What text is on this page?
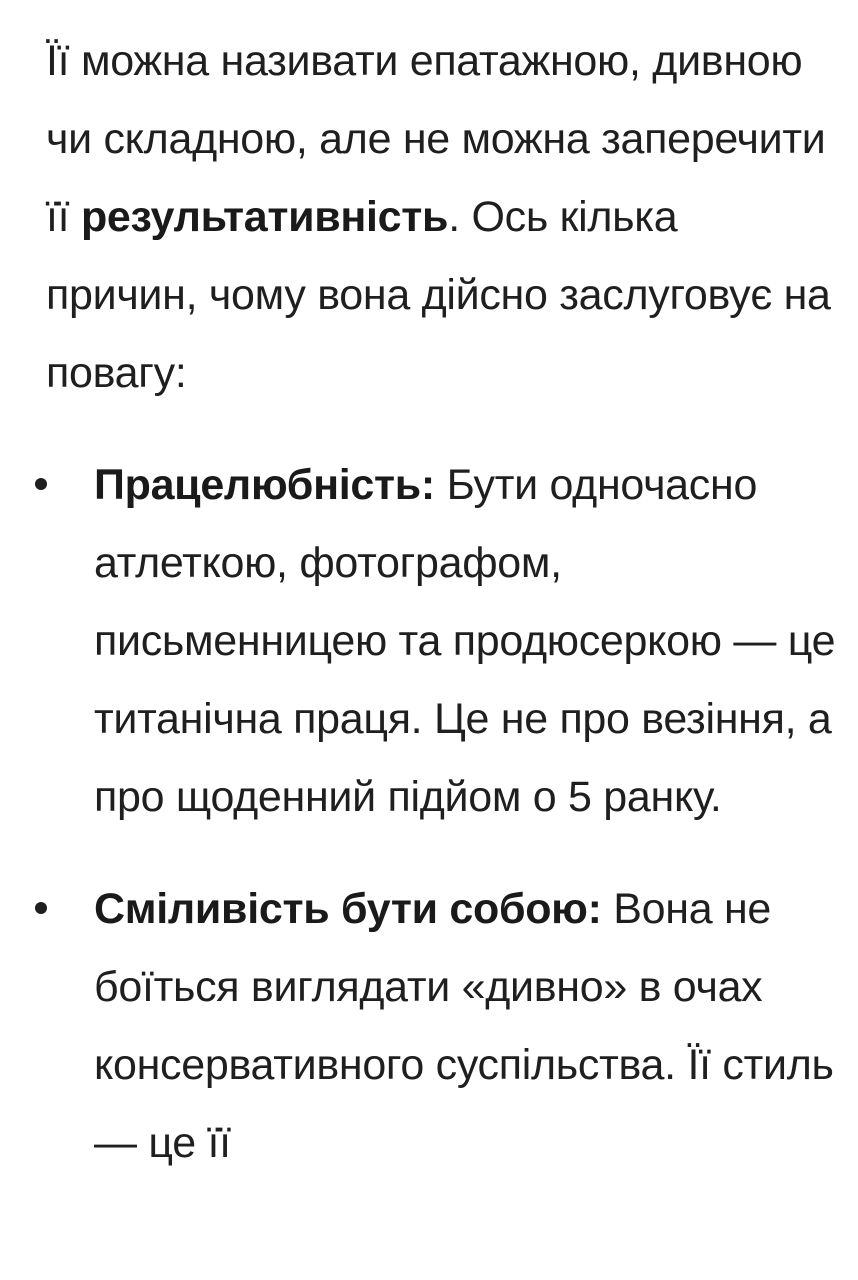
Її можна називати епатажною, дивною чи складною, але не можна заперечити її результативність. Ось кілька причин, чому вона дійсно заслуговує на повагу:

Працелюбність: Бути одночасно атлеткою, фотографом, письменницею та продюсеркою — це титанічна праця. Це не про везіння, а про щоденний підйом о 5 ранку.
Сміливість бути собою: Вона не боїться виглядати «дивно» в очах консервативного суспільства. Її стиль — це її
